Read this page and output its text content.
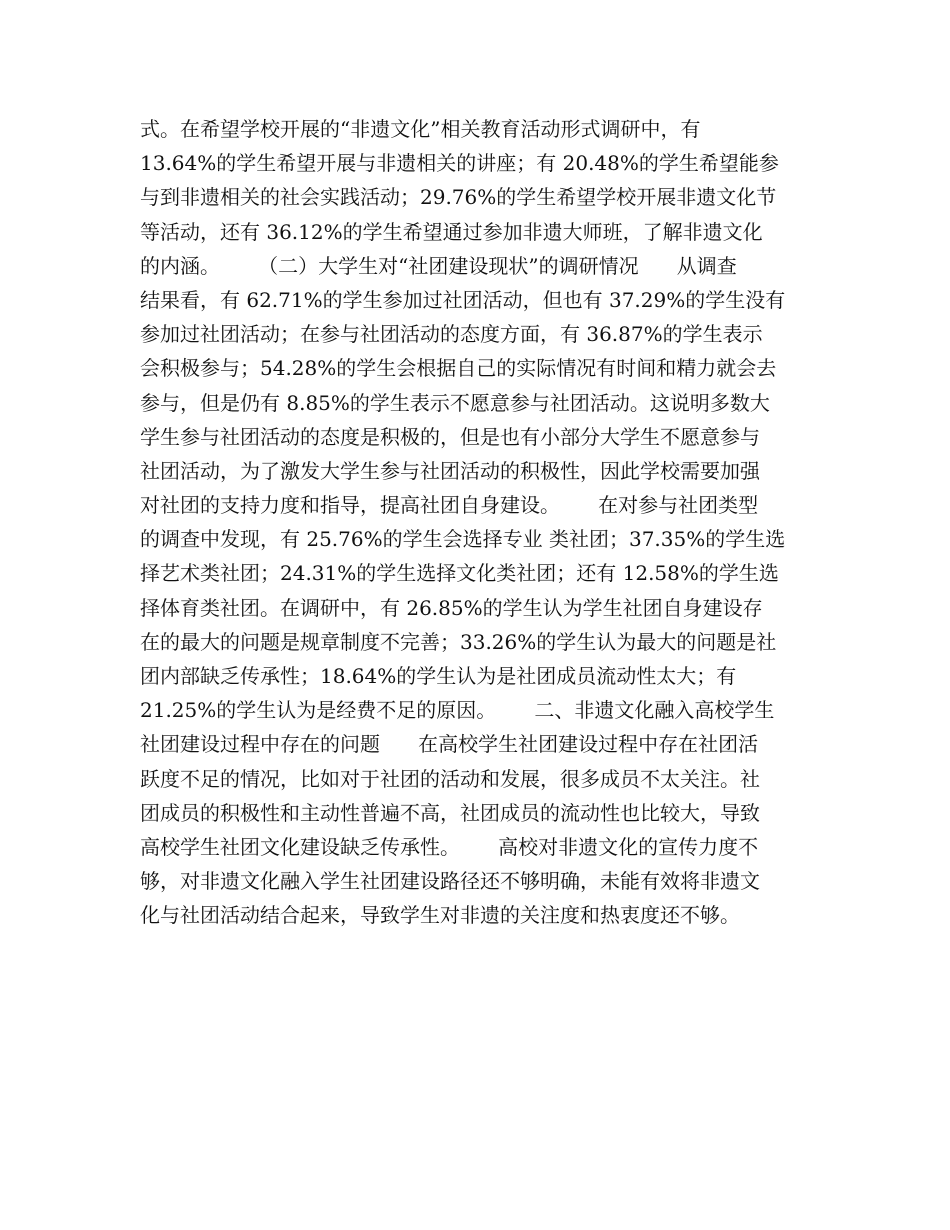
式。在希望学校开展的“非遗文化”相关教育活动形式调研中，有
13.64%的学生希望开展与非遗相关的讲座；有 20.48%的学生希望能参
与到非遗相关的社会实践活动；29.76%的学生希望学校开展非遗文化节
等活动，还有 36.12%的学生希望通过参加非遗大师班，了解非遗文化
的内涵。      （二）大学生对“社团建设现状”的调研情况      从调查
结果看，有 62.71%的学生参加过社团活动，但也有 37.29%的学生没有
参加过社团活动；在参与社团活动的态度方面，有 36.87%的学生表示
会积极参与；54.28%的学生会根据自己的实际情况有时间和精力就会去
参与，但是仍有 8.85%的学生表示不愿意参与社团活动。这说明多数大
学生参与社团活动的态度是积极的，但是也有小部分大学生不愿意参与
社团活动，为了激发大学生参与社团活动的积极性，因此学校需要加强
对社团的支持力度和指导，提高社团自身建设。      在对参与社团类型
的调查中发现，有 25.76%的学生会选择专业 类社团；37.35%的学生选
择艺术类社团；24.31%的学生选择文化类社团；还有 12.58%的学生选
择体育类社团。在调研中，有 26.85%的学生认为学生社团自身建设存
在的最大的问题是规章制度不完善；33.26%的学生认为最大的问题是社
团内部缺乏传承性；18.64%的学生认为是社团成员流动性太大；有
21.25%的学生认为是经费不足的原因。      二、非遗文化融入高校学生
社团建设过程中存在的问题      在高校学生社团建设过程中存在社团活
跃度不足的情况，比如对于社团的活动和发展，很多成员不太关注。社
团成员的积极性和主动性普遍不高，社团成员的流动性也比较大，导致
高校学生社团文化建设缺乏传承性。      高校对非遗文化的宣传力度不
够，对非遗文化融入学生社团建设路径还不够明确，未能有效将非遗文
化与社团活动结合起来，导致学生对非遗的关注度和热衷度还不够。
